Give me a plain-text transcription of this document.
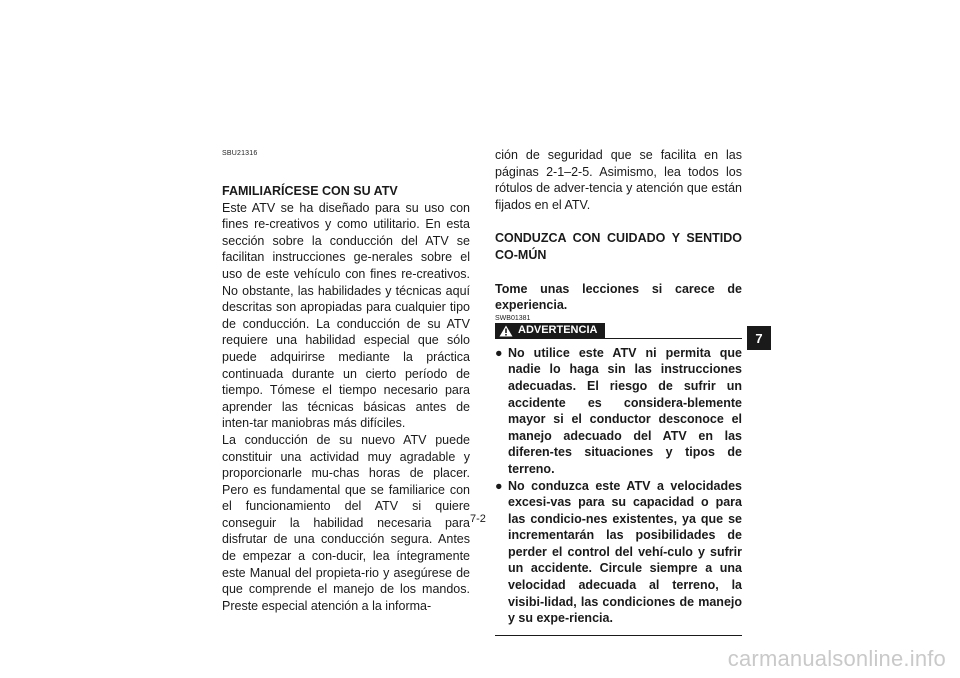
SBU21316

FAMILIARÍCESE CON SU ATV

Este ATV se ha diseñado para su uso con fines re-creativos y como utilitario. En esta sección sobre la conducción del ATV se facilitan instrucciones ge-nerales sobre el uso de este vehículo con fines re-creativos. No obstante, las habilidades y técnicas aquí descritas son apropiadas para cualquier tipo de conducción. La conducción de su ATV requiere una habilidad especial que sólo puede adquirirse mediante la práctica continuada durante un cierto período de tiempo. Tómese el tiempo necesario para aprender las técnicas básicas antes de inten-tar maniobras más difíciles.

La conducción de su nuevo ATV puede constituir una actividad muy agradable y proporcionarle mu-chas horas de placer. Pero es fundamental que se familiarice con el funcionamiento del ATV si quiere conseguir la habilidad necesaria para disfrutar de una conducción segura. Antes de empezar a con-ducir, lea íntegramente este Manual del propieta-rio y asegúrese de que comprende el manejo de los mandos. Preste especial atención a la informa-

ción de seguridad que se facilita en las páginas 2-1–2-5. Asimismo, lea todos los rótulos de adver-tencia y atención que están fijados en el ATV.

CONDUZCA CON CUIDADO Y SENTIDO CO-MÚN

Tome unas lecciones si carece de experiencia.

SWB01381
ADVERTENCIA
● No utilice este ATV ni permita que nadie lo haga sin las instrucciones adecuadas. El riesgo de sufrir un accidente es considera-blemente mayor si el conductor desconoce el manejo adecuado del ATV en las diferen-tes situaciones y tipos de terreno.
● No conduzca este ATV a velocidades excesi-vas para su capacidad o para las condicio-nes existentes, ya que se incrementarán las posibilidades de perder el control del vehí-culo y sufrir un accidente. Circule siempre a una velocidad adecuada al terreno, la visibi-lidad, las condiciones de manejo y su expe-riencia.
7
7-2
carmanualsonline.info
